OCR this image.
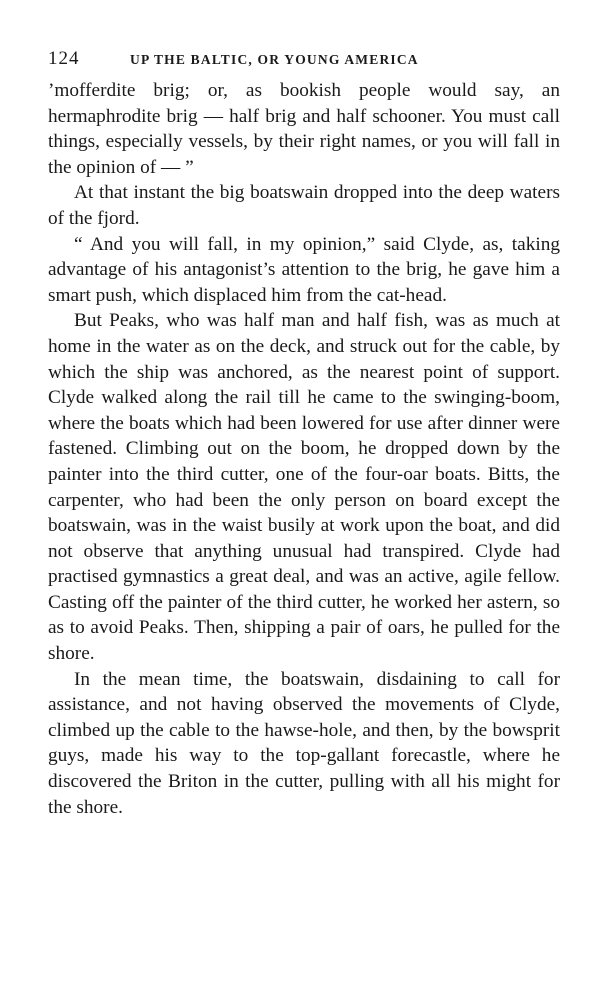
124	UP THE BALTIC, OR YOUNG AMERICA

’mofferdite brig; or, as bookish people would say, an hermaphrodite brig — half brig and half schooner. You must call things, especially vessels, by their right names, or you will fall in the opinion of — ”

At that instant the big boatswain dropped into the deep waters of the fjord.

“ And you will fall, in my opinion,” said Clyde, as, taking advantage of his antagonist’s attention to the brig, he gave him a smart push, which displaced him from the cat-head.

But Peaks, who was half man and half fish, was as much at home in the water as on the deck, and struck out for the cable, by which the ship was anchored, as the nearest point of support. Clyde walked along the rail till he came to the swinging-boom, where the boats which had been lowered for use after dinner were fastened. Climbing out on the boom, he dropped down by the painter into the third cutter, one of the four-oar boats. Bitts, the carpenter, who had been the only person on board except the boatswain, was in the waist busily at work upon the boat, and did not observe that anything unusual had transpired. Clyde had practised gymnastics a great deal, and was an active, agile fellow. Casting off the painter of the third cutter, he worked her astern, so as to avoid Peaks. Then, shipping a pair of oars, he pulled for the shore.

In the mean time, the boatswain, disdaining to call for assistance, and not having observed the movements of Clyde, climbed up the cable to the hawse-hole, and then, by the bowsprit guys, made his way to the top-gallant forecastle, where he discovered the Briton in the cutter, pulling with all his might for the shore.
